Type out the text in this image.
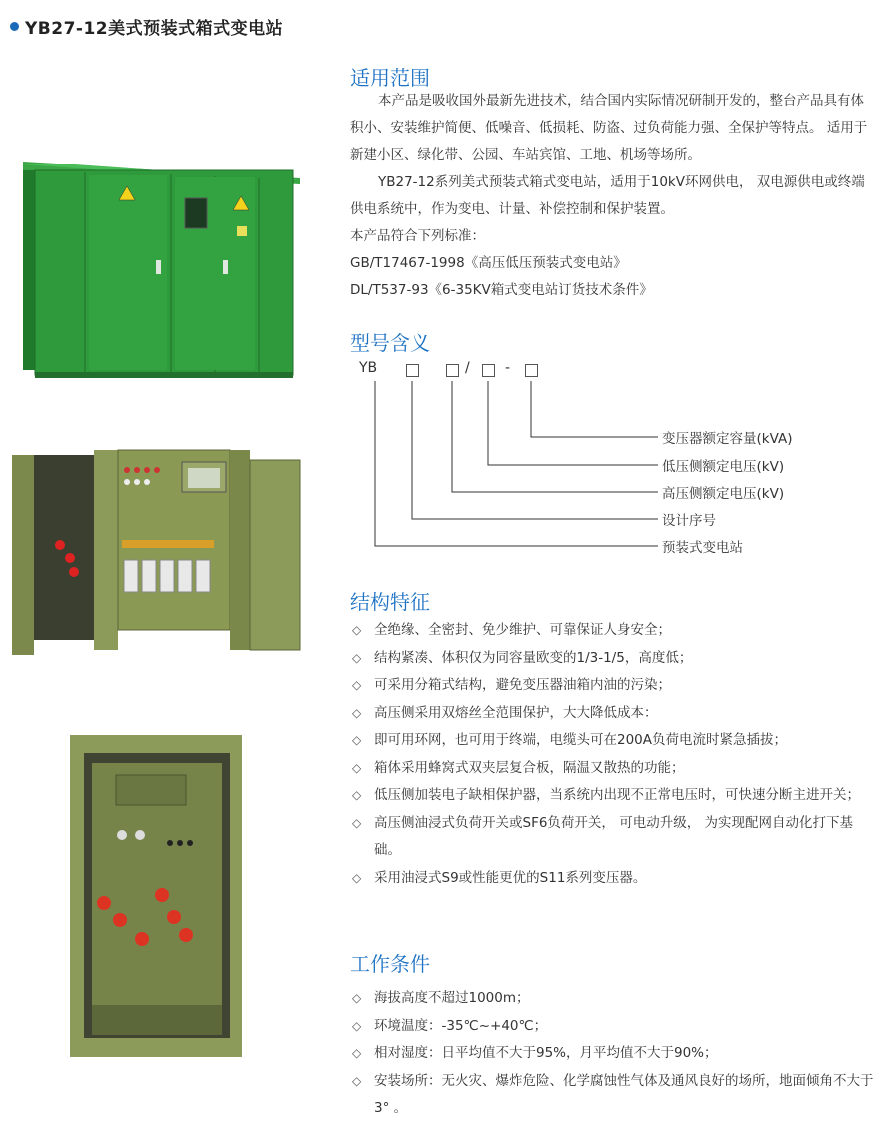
YB27-12美式预装式箱式变电站
适用范围
本产品是吸收国外最新先进技术，结合国内实际情况研制开发的，整台产品具有体积小、安装维护简便、低噪音、低损耗、防盗、过负荷能力强、全保护等特点。 适用于新建小区、绿化带、公园、车站宾馆、工地、机场等场所。
YB27-12系列美式预装式箱式变电站，适用于10kV环网供电， 双电源供电或终端供电系统中，作为变电、计量、补偿控制和保护装置。
本产品符合下列标准：
GB/T17467-1998《高压低压预装式变电站》
DL/T537-93《6-35KV箱式变电站订货技术条件》
型号含义
YB	/	-
变压器额定容量(kVA)
低压侧额定电压(kV)
高压侧额定电压(kV)
设计序号
预装式变电站
结构特征
◇ 全绝缘、全密封、免少维护、可靠保证人身安全；
◇ 结构紧凑、体积仅为同容量欧变的1/3-1/5，高度低；
◇ 可采用分箱式结构，避免变压器油箱内油的污染；
◇ 高压侧采用双熔丝全范围保护，大大降低成本：
◇ 即可用环网，也可用于终端，电缆头可在200A负荷电流时紧急插拔；
◇ 箱体采用蜂窝式双夹层复合板，隔温又散热的功能；
◇ 低压侧加装电子缺相保护器，当系统内出现不正常电压时，可快速分断主进开关；
◇ 高压侧油浸式负荷开关或SF6负荷开关， 可电动升级， 为实现配网自动化打下基础。
◇ 采用油浸式S9或性能更优的S11系列变压器。
工作条件
◇ 海拔高度不超过1000m；
◇ 环境温度：-35℃~+40℃；
◇ 相对湿度：日平均值不大于95%，月平均值不大于90%；
◇ 安装场所：无火灾、爆炸危险、化学腐蚀性气体及通风良好的场所，地面倾角不大于3° 。
